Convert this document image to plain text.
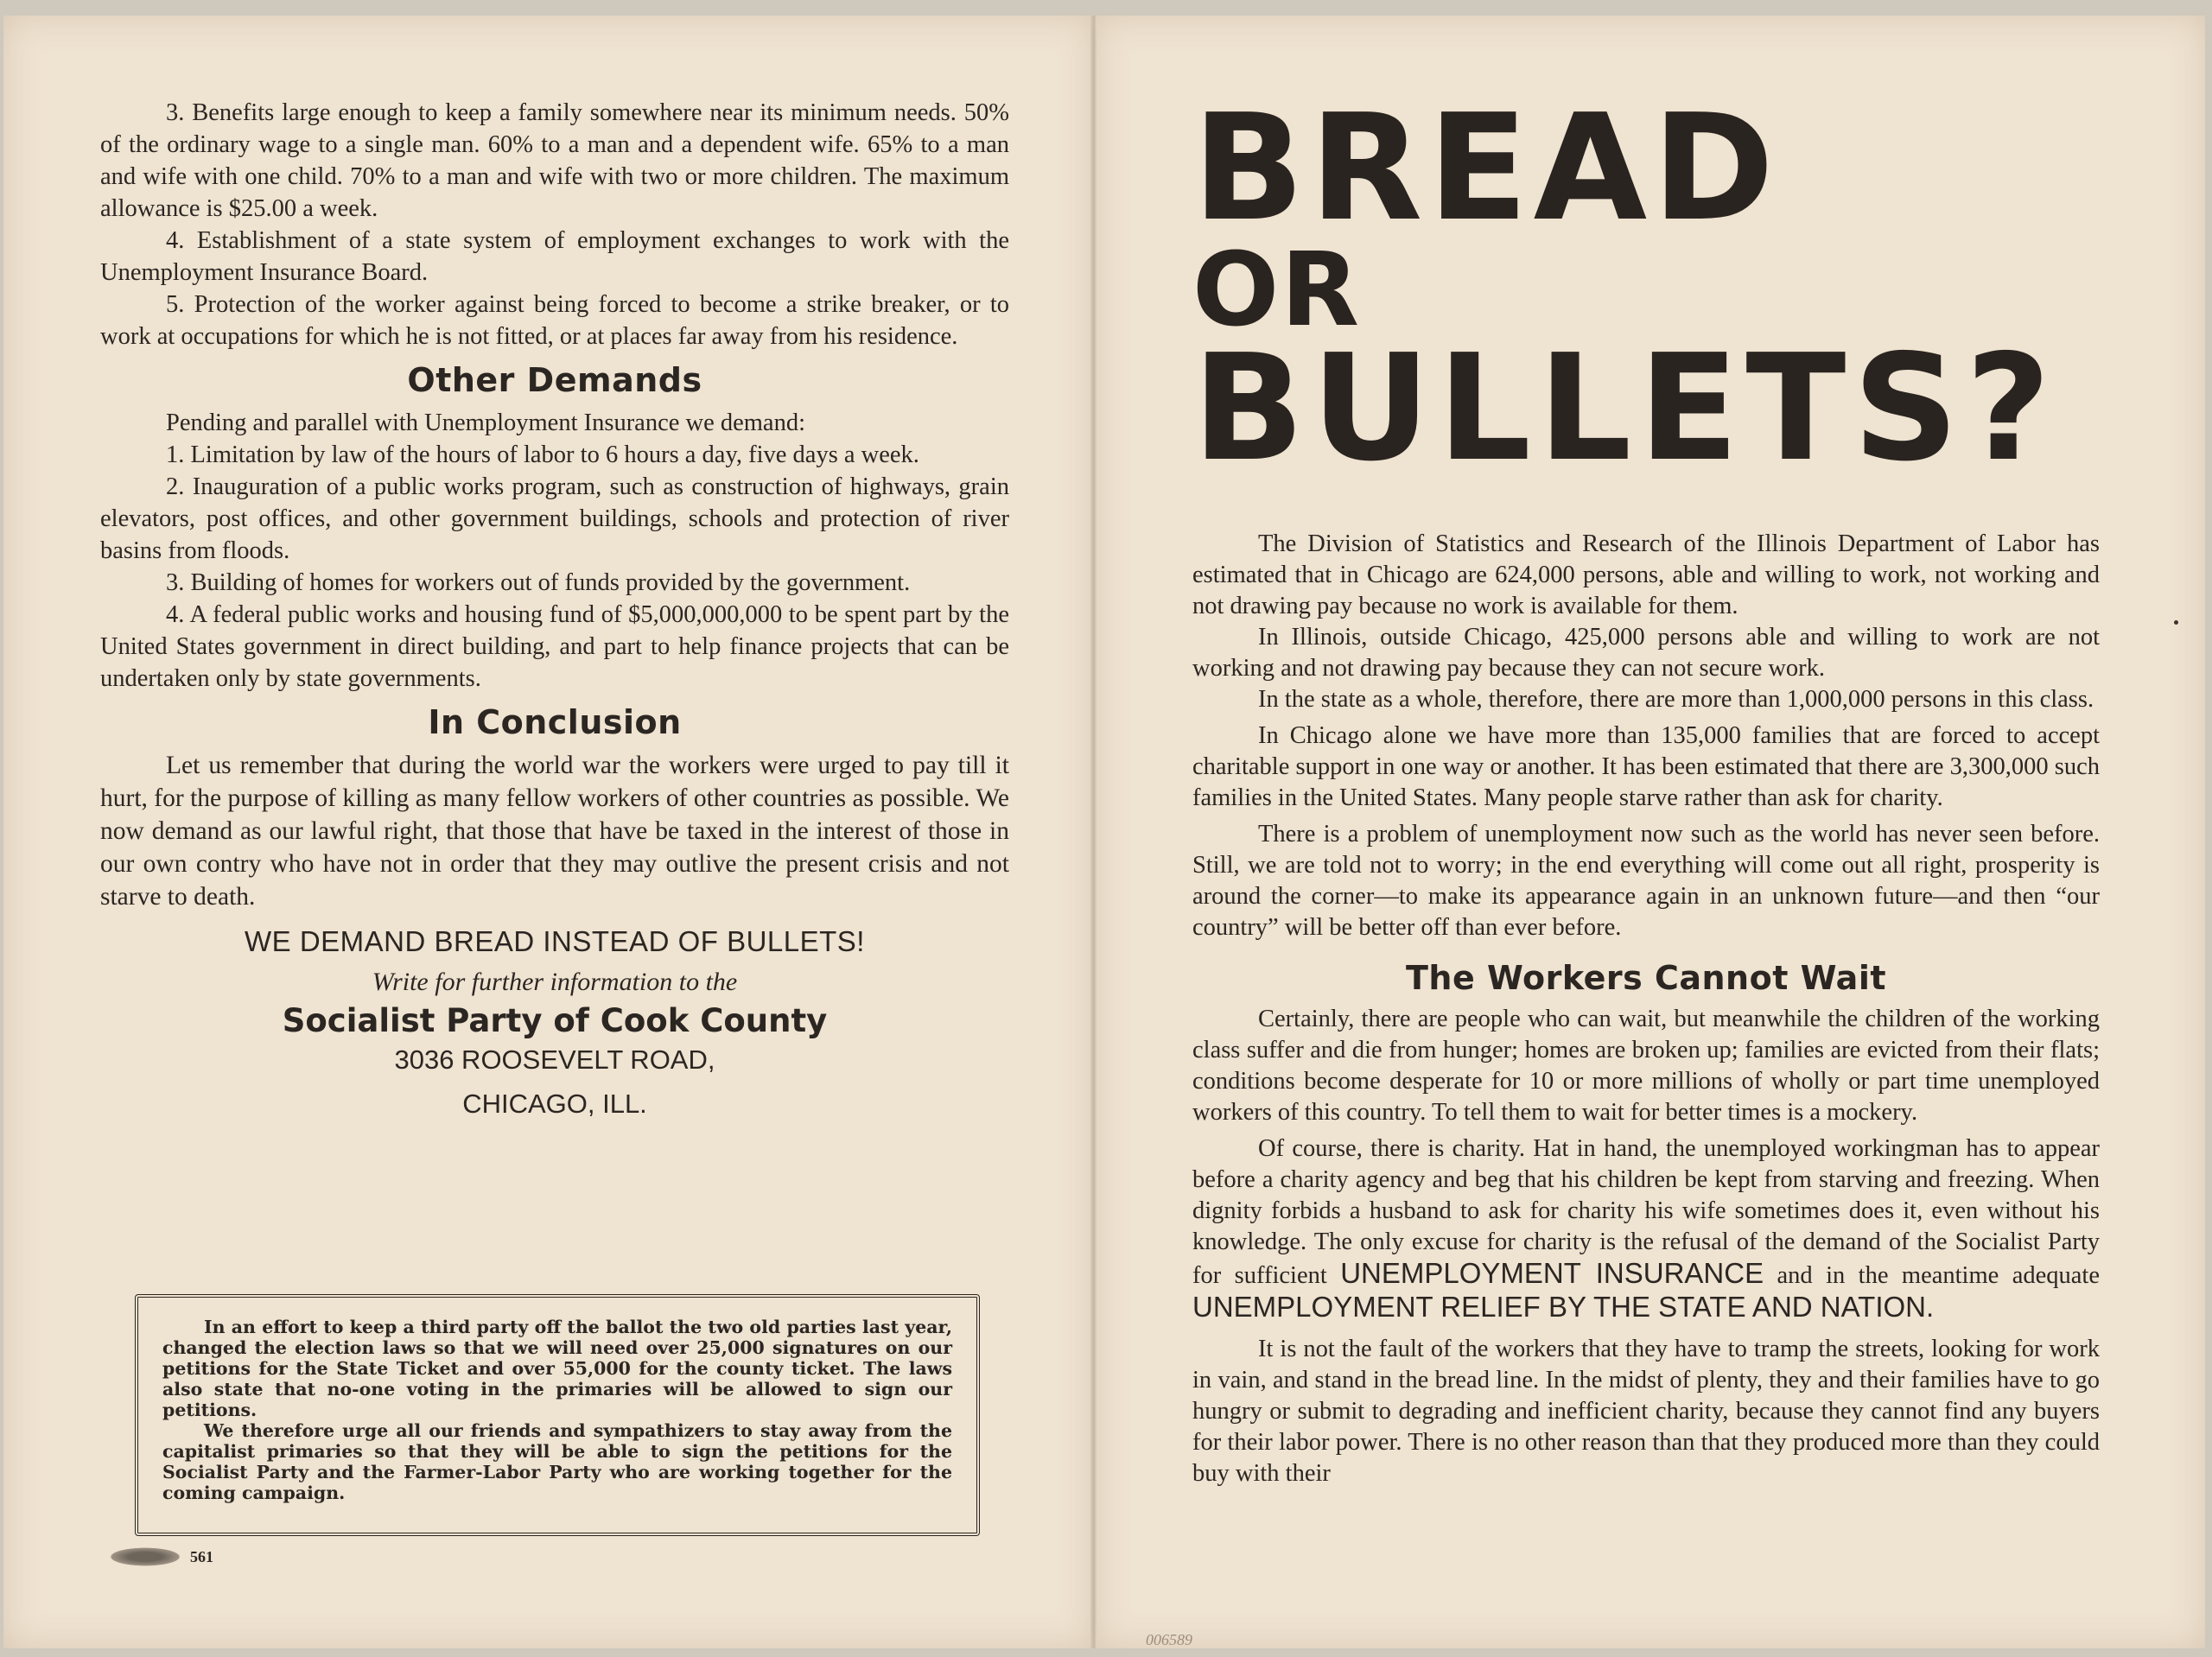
3. Benefits large enough to keep a family somewhere near its minimum needs. 50% of the ordinary wage to a single man. 60% to a man and a dependent wife. 65% to a man and wife with one child. 70% to a man and wife with two or more children. The maximum allowance is $25.00 a week.

4. Establishment of a state system of employment exchanges to work with the Unemployment Insurance Board.

5. Protection of the worker against being forced to become a strike breaker, or to work at occupations for which he is not fitted, or at places far away from his residence.

Other Demands

Pending and parallel with Unemployment Insurance we demand:

1. Limitation by law of the hours of labor to 6 hours a day, five days a week.

2. Inauguration of a public works program, such as construction of highways, grain elevators, post offices, and other government buildings, schools and protection of river basins from floods.

3. Building of homes for workers out of funds provided by the government.

4. A federal public works and housing fund of $5,000,000,000 to be spent part by the United States government in direct building, and part to help finance projects that can be undertaken only by state governments.

In Conclusion

Let us remember that during the world war the workers were urged to pay till it hurt, for the purpose of killing as many fellow workers of other countries as possible. We now demand as our lawful right, that those that have be taxed in the interest of those in our own contry who have not in order that they may outlive the present crisis and not starve to death.

WE DEMAND BREAD INSTEAD OF BULLETS!
Write for further information to the
Socialist Party of Cook County
3036 ROOSEVELT ROAD,
CHICAGO, ILL.

In an effort to keep a third party off the ballot the two old parties last year, changed the election laws so that we will need over 25,000 signatures on our petitions for the State Ticket and over 55,000 for the county ticket. The laws also state that no-one voting in the primaries will be allowed to sign our petitions.

We therefore urge all our friends and sympathizers to stay away from the capitalist primaries so that they will be able to sign the petitions for the Socialist Party and the Farmer-Labor Party who are working together for the coming campaign.

561
BREAD
OR
BULLETS?

The Division of Statistics and Research of the Illinois Department of Labor has estimated that in Chicago are 624,000 persons, able and willing to work, not working and not drawing pay because no work is available for them.

In Illinois, outside Chicago, 425,000 persons able and willing to work are not working and not drawing pay because they can not secure work.

In the state as a whole, therefore, there are more than 1,000,000 persons in this class.

In Chicago alone we have more than 135,000 families that are forced to accept charitable support in one way or another. It has been estimated that there are 3,300,000 such families in the United States. Many people starve rather than ask for charity.

There is a problem of unemployment now such as the world has never seen before. Still, we are told not to worry; in the end everything will come out all right, prosperity is around the corner—to make its appearance again in an unknown future—and then “our country” will be better off than ever before.

The Workers Cannot Wait

Certainly, there are people who can wait, but meanwhile the children of the working class suffer and die from hunger; homes are broken up; families are evicted from their flats; conditions become desperate for 10 or more millions of wholly or part time unemployed workers of this country. To tell them to wait for better times is a mockery.

Of course, there is charity. Hat in hand, the unemployed workingman has to appear before a charity agency and beg that his children be kept from starving and freezing. When dignity forbids a husband to ask for charity his wife sometimes does it, even without his knowledge. The only excuse for charity is the refusal of the demand of the Socialist Party for sufficient UNEMPLOYMENT INSURANCE and in the meantime adequate UNEMPLOYMENT RELIEF BY THE STATE AND NATION.

It is not the fault of the workers that they have to tramp the streets, looking for work in vain, and stand in the bread line. In the midst of plenty, they and their families have to go hungry or submit to degrading and inefficient charity, because they cannot find any buyers for their labor power. There is no other reason than that they produced more than they could buy with their

006589
